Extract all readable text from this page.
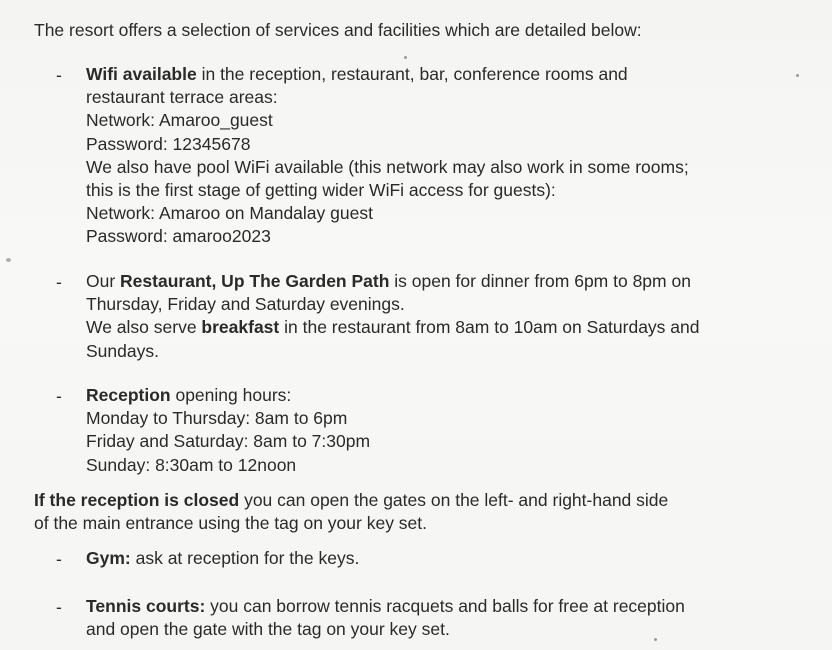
The resort offers a selection of services and facilities which are detailed below:
-	Wifi available in the reception, restaurant, bar, conference rooms and
restaurant terrace areas:
Network: Amaroo_guest
Password: 12345678
We also have pool WiFi available (this network may also work in some rooms;
this is the first stage of getting wider WiFi access for guests):
Network: Amaroo on Mandalay guest
Password: amaroo2023
-	Our Restaurant, Up The Garden Path is open for dinner from 6pm to 8pm on
Thursday, Friday and Saturday evenings.
We also serve breakfast in the restaurant from 8am to 10am on Saturdays and
Sundays.
-	Reception opening hours:
Monday to Thursday: 8am to 6pm
Friday and Saturday: 8am to 7:30pm
Sunday: 8:30am to 12noon
If the reception is closed you can open the gates on the left- and right-hand side
of the main entrance using the tag on your key set.
-	Gym: ask at reception for the keys.
-	Tennis courts: you can borrow tennis racquets and balls for free at reception
and open the gate with the tag on your key set.
